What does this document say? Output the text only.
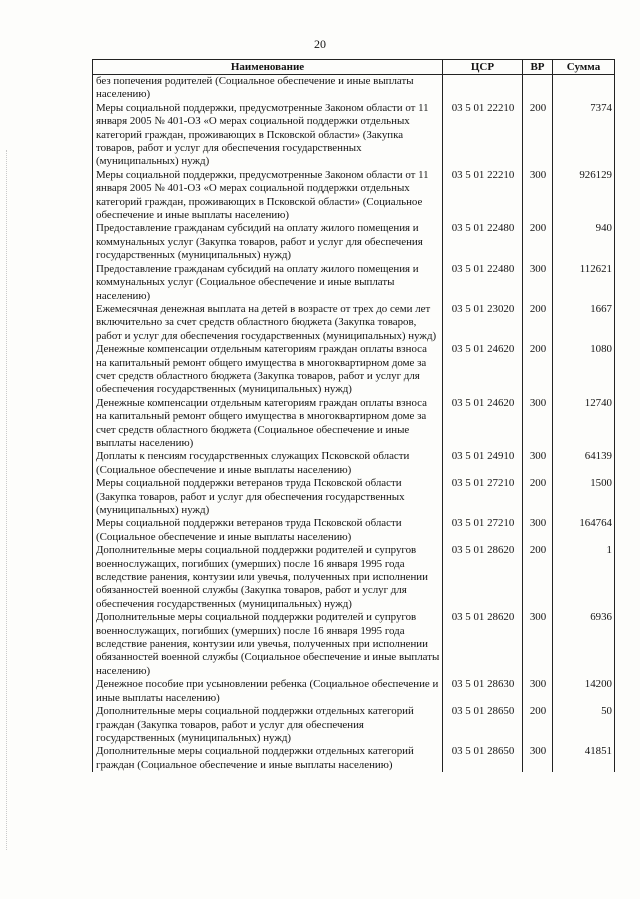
20
Наименование	ЦСР	ВР	Сумма
без попечения родителей (Социальное обеспечение и иные выплаты населению)			
Меры социальной поддержки, предусмотренные Законом области от 11 января 2005 № 401-ОЗ «О мерах социальной поддержки отдельных категорий граждан, проживающих в Псковской области» (Закупка товаров, работ и услуг для обеспечения государственных (муниципальных) нужд)	03 5 01 22210	200	7374
Меры социальной поддержки, предусмотренные Законом области от 11 января 2005 № 401-ОЗ «О мерах социальной поддержки отдельных категорий граждан, проживающих в Псковской области» (Социальное обеспечение и иные выплаты населению)	03 5 01 22210	300	926129
Предоставление гражданам субсидий на оплату жилого помещения и коммунальных услуг (Закупка товаров, работ и услуг для обеспечения государственных (муниципальных) нужд)	03 5 01 22480	200	940
Предоставление гражданам субсидий на оплату жилого помещения и коммунальных услуг (Социальное обеспечение и иные выплаты населению)	03 5 01 22480	300	112621
Ежемесячная денежная выплата на детей в возрасте от трех до семи лет включительно за счет средств областного бюджета (Закупка товаров, работ и услуг для обеспечения государственных (муниципальных) нужд)	03 5 01 23020	200	1667
Денежные компенсации отдельным категориям граждан оплаты взноса на капитальный ремонт общего имущества в многоквартирном доме за счет средств областного бюджета (Закупка товаров, работ и услуг для обеспечения государственных (муниципальных) нужд)	03 5 01 24620	200	1080
Денежные компенсации отдельным категориям граждан оплаты взноса на капитальный ремонт общего имущества в многоквартирном доме за счет средств областного бюджета (Социальное обеспечение и иные выплаты населению)	03 5 01 24620	300	12740
Доплаты к пенсиям государственных служащих Псковской области (Социальное обеспечение и иные выплаты населению)	03 5 01 24910	300	64139
Меры социальной поддержки ветеранов труда Псковской области (Закупка товаров, работ и услуг для обеспечения государственных (муниципальных) нужд)	03 5 01 27210	200	1500
Меры социальной поддержки ветеранов труда Псковской области (Социальное обеспечение и иные выплаты населению)	03 5 01 27210	300	164764
Дополнительные меры социальной поддержки родителей и супругов военнослужащих, погибших (умерших) после 16 января 1995 года вследствие ранения, контузии или увечья, полученных при исполнении обязанностей военной службы (Закупка товаров, работ и услуг для обеспечения государственных (муниципальных) нужд)	03 5 01 28620	200	1
Дополнительные меры социальной поддержки родителей и супругов военнослужащих, погибших (умерших) после 16 января 1995 года вследствие ранения, контузии или увечья, полученных при исполнении обязанностей военной службы (Социальное обеспечение и иные выплаты населению)	03 5 01 28620	300	6936
Денежное пособие при усыновлении ребенка (Социальное обеспечение и иные выплаты населению)	03 5 01 28630	300	14200
Дополнительные меры социальной поддержки отдельных категорий граждан (Закупка товаров, работ и услуг для обеспечения государственных (муниципальных) нужд)	03 5 01 28650	200	50
Дополнительные меры социальной поддержки отдельных категорий граждан (Социальное обеспечение и иные выплаты населению)	03 5 01 28650	300	41851
